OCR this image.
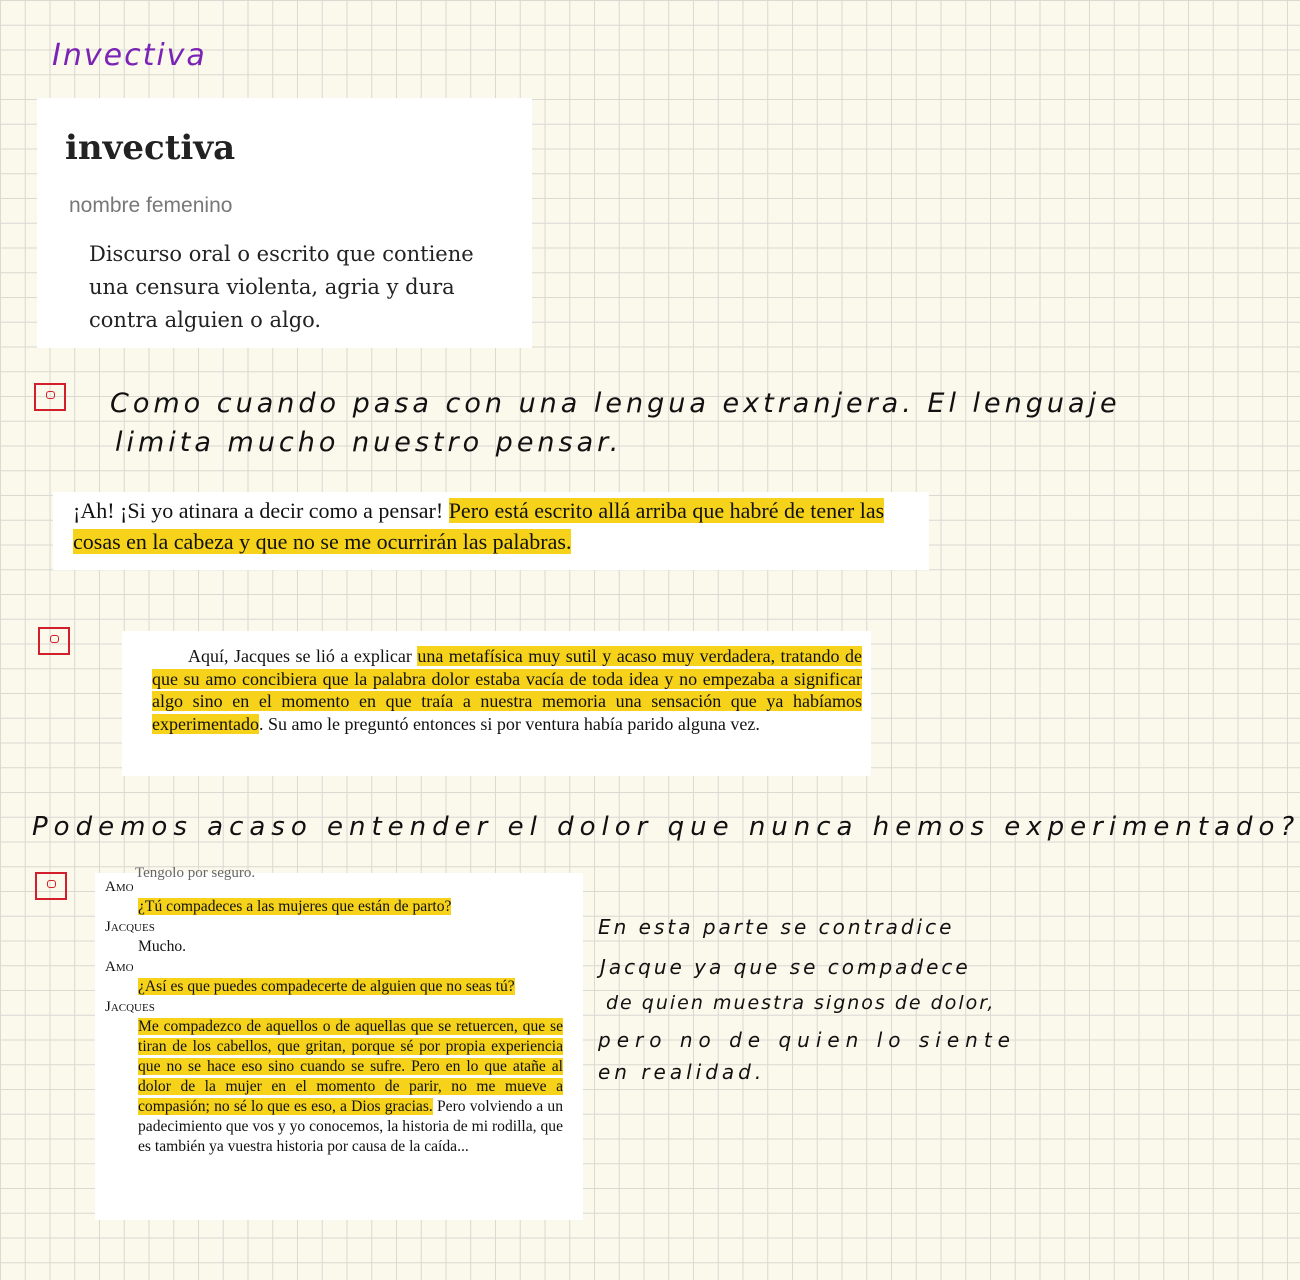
Invectiva
invectiva
nombre femenino
Discurso oral o escrito que contiene una censura violenta, agria y dura contra alguien o algo.
Como cuando pasa con una lengua extranjera. El lenguaje
limita mucho nuestro pensar.
¡Ah! ¡Si yo atinara a decir como a pensar! Pero está escrito allá arriba que habré de tener las cosas en la cabeza y que no se me ocurrirán las palabras.
Aquí, Jacques se lió a explicar una metafísica muy sutil y acaso muy verdadera, tratando de que su amo concibiera que la palabra dolor estaba vacía de toda idea y no empezaba a significar algo sino en el momento en que traía a nuestra memoria una sensación que ya habíamos experimentado. Su amo le preguntó entonces si por ventura había parido alguna vez.
Podemos acaso entender el dolor que nunca hemos experimentado?
Tengolo por seguro.
Amo
¿Tú compadeces a las mujeres que están de parto?
Jacques
Mucho.
Amo
¿Así es que puedes compadecerte de alguien que no seas tú?
Jacques
Me compadezco de aquellos o de aquellas que se retuercen, que se tiran de los cabellos, que gritan, porque sé por propia experiencia que no se hace eso sino cuando se sufre. Pero en lo que atañe al dolor de la mujer en el momento de parir, no me mueve a compasión; no sé lo que es eso, a Dios gracias. Pero volviendo a un padecimiento que vos y yo conocemos, la historia de mi rodilla, que es también ya vuestra historia por causa de la caída...
En esta parte se contradice
Jacque ya que se compadece
de quien muestra signos de dolor,
pero no de quien lo siente
en realidad.
